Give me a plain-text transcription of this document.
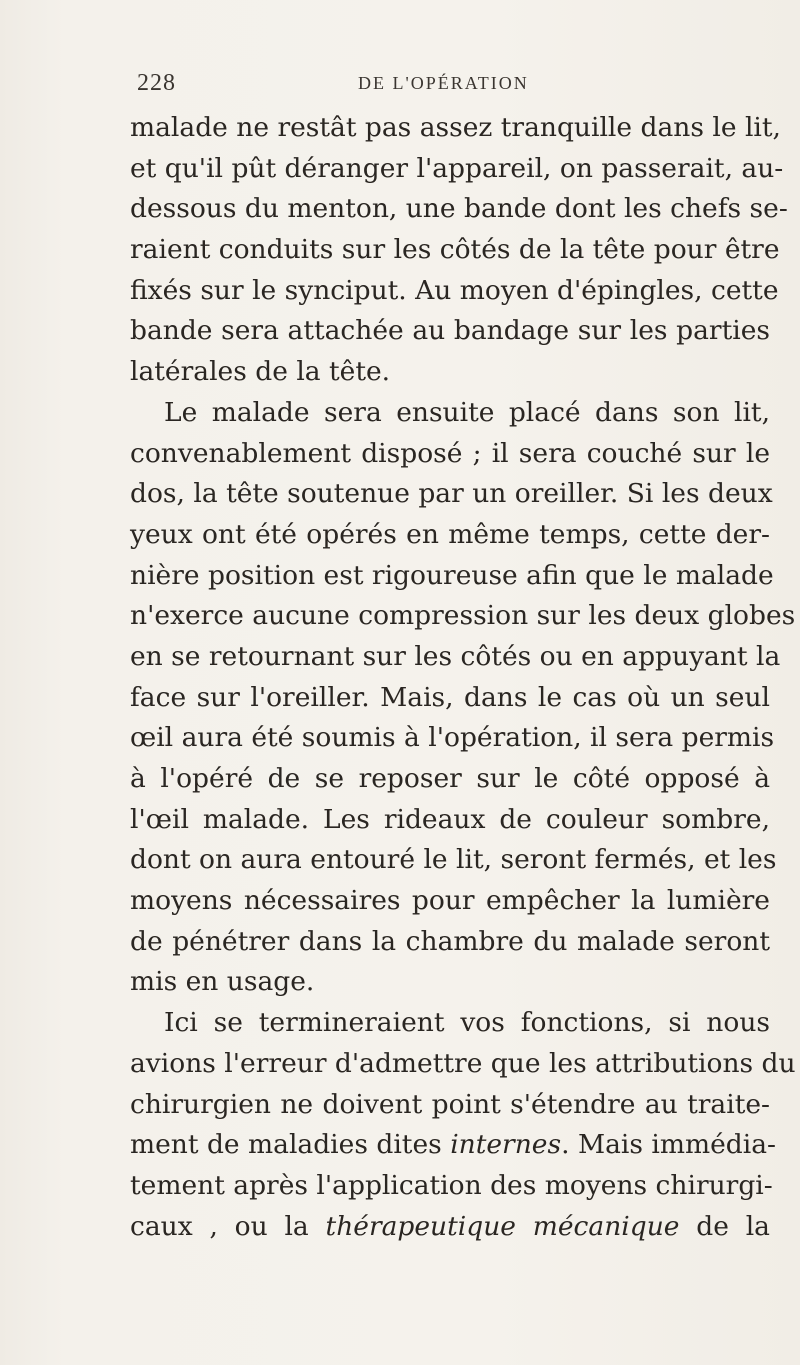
228	DE L'OPÉRATION
malade ne restât pas assez tranquille dans le lit,
et qu'il pût déranger l'appareil, on passerait, au-
dessous du menton, une bande dont les chefs se-
raient conduits sur les côtés de la tête pour être
fixés sur le synciput. Au moyen d'épingles, cette
bande sera attachée au bandage sur les parties
latérales de la tête.
Le malade sera ensuite placé dans son lit,
convenablement disposé ; il sera couché sur le
dos, la tête soutenue par un oreiller. Si les deux
yeux ont été opérés en même temps, cette der-
nière position est rigoureuse afin que le malade
n'exerce aucune compression sur les deux globes
en se retournant sur les côtés ou en appuyant la
face sur l'oreiller. Mais, dans le cas où un seul
œil aura été soumis à l'opération, il sera permis
à l'opéré de se reposer sur le côté opposé à
l'œil malade. Les rideaux de couleur sombre,
dont on aura entouré le lit, seront fermés, et les
moyens nécessaires pour empêcher la lumière
de pénétrer dans la chambre du malade seront
mis en usage.
Ici se termineraient vos fonctions, si nous
avions l'erreur d'admettre que les attributions du
chirurgien ne doivent point s'étendre au traite-
ment de maladies dites internes. Mais immédia-
tement après l'application des moyens chirurgi-
caux , ou la thérapeutique mécanique de la
